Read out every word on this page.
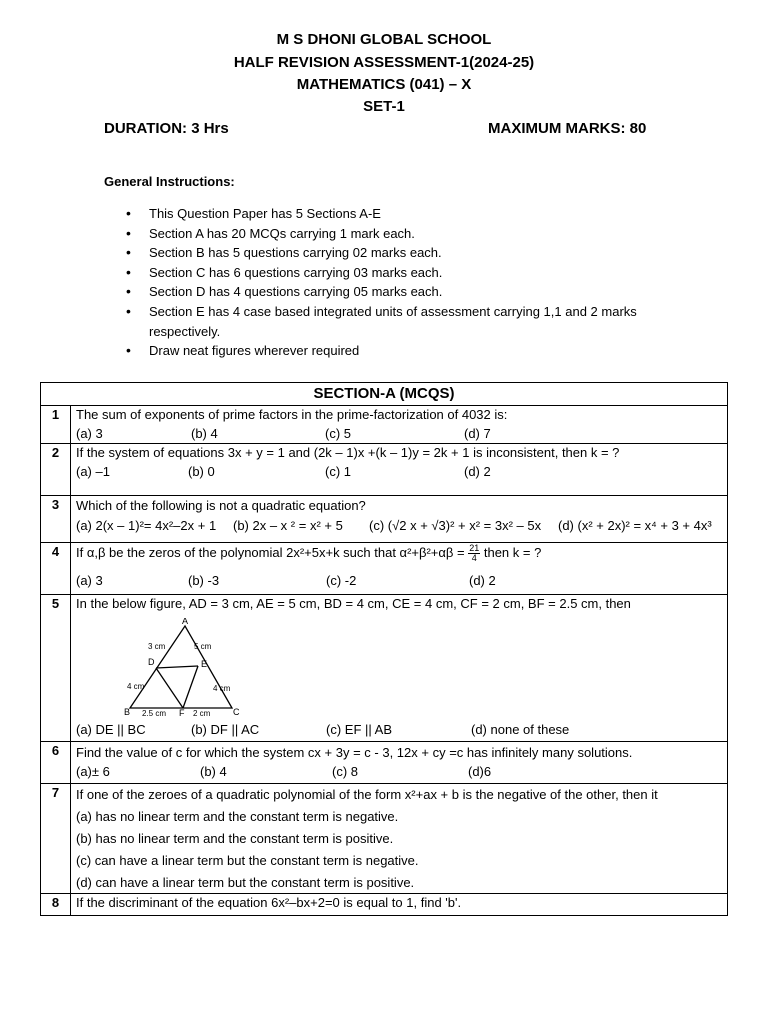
M S DHONI GLOBAL SCHOOL
HALF REVISION ASSESSMENT-1(2024-25)
MATHEMATICS (041) – X
SET-1
DURATION: 3 Hrs	MAXIMUM MARKS: 80
General Instructions:
• This Question Paper has 5 Sections A-E
• Section A has 20 MCQs carrying 1 mark each.
• Section B has 5 questions carrying 02 marks each.
• Section C has 6 questions carrying 03 marks each.
• Section D has 4 questions carrying 05 marks each.
• Section E has 4 case based integrated units of assessment carrying 1,1 and 2 marks respectively.
• Draw neat figures wherever required
SECTION-A (MCQS)
1	The sum of exponents of prime factors in the prime-factorization of 4032 is:
(a) 3	(b) 4	(c) 5	(d) 7
2	If the system of equations 3x + y = 1 and (2k – 1)x +(k – 1)y = 2k + 1 is inconsistent, then k = ?
(a) –1	(b) 0	(c) 1	(d) 2
3	Which of the following is not a quadratic equation?
(a) 2(x – 1)²= 4x²–2x + 1 (b) 2x – x ² = x² + 5 (c) (√2 x + √3)² + x² = 3x² – 5x (d) (x² + 2x)² = x⁴ + 3 + 4x³
4	If α,β be the zeros of the polynomial 2x²+5x+k such that $\alpha^2+\beta^2+\alpha\beta = \frac{21}{4}$ then k = ?
(a) 3	(b) -3	(c) -2	(d) 2
5	In the below figure, AD = 3 cm, AE = 5 cm, BD = 4 cm, CE = 4 cm, CF = 2 cm, BF = 2.5 cm, then
A
B	C
D	E
F
3 cm	5 cm
4 cm	4 cm
2.5 cm	2 cm
(a) DE || BC	(b) DF || AC	(c) EF || AB	(d) none of these
6	Find the value of c for which the system cx + 3y = c - 3, 12x + cy =c has infinitely many solutions.
(a)± 6	(b) 4	(c) 8	(d)6
7	If one of the zeroes of a quadratic polynomial of the form x²+ax + b is the negative of the other, then it
(a) has no linear term and the constant term is negative.
(b) has no linear term and the constant term is positive.
(c) can have a linear term but the constant term is negative.
(d) can have a linear term but the constant term is positive.
8	If the discriminant of the equation 6x²–bx+2=0 is equal to 1, find 'b'.
